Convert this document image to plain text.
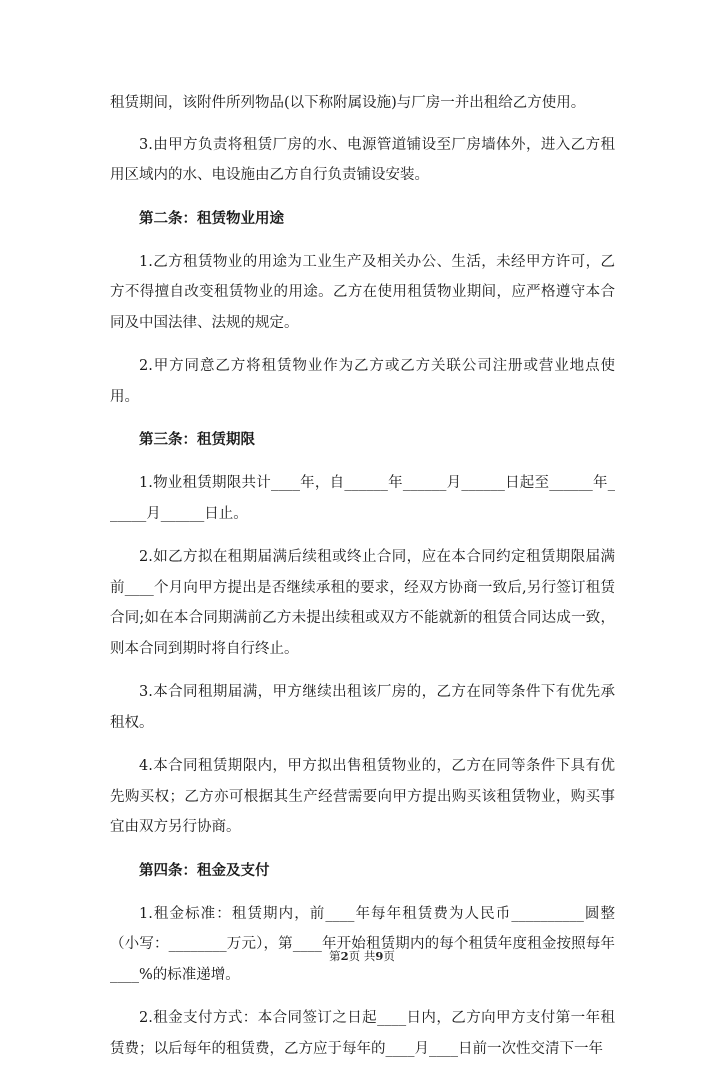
租赁期间，该附件所列物品(以下称附属设施)与厂房一并出租给乙方使用。

3.由甲方负责将租赁厂房的水、电源管道铺设至厂房墙体外，进入乙方租用区域内的水、电设施由乙方自行负责铺设安装。

第二条：租赁物业用途

1.乙方租赁物业的用途为工业生产及相关办公、生活，未经甲方许可，乙方不得擅自改变租赁物业的用途。乙方在使用租赁物业期间，应严格遵守本合同及中国法律、法规的规定。

2.甲方同意乙方将租赁物业作为乙方或乙方关联公司注册或营业地点使用。

第三条：租赁期限

1.物业租赁期限共计____年，自______年______月______日起至______年______月______日止。

2.如乙方拟在租期届满后续租或终止合同，应在本合同约定租赁期限届满前____个月向甲方提出是否继续承租的要求，经双方协商一致后,另行签订租赁合同;如在本合同期满前乙方未提出续租或双方不能就新的租赁合同达成一致，则本合同到期时将自行终止。

3.本合同租期届满，甲方继续出租该厂房的，乙方在同等条件下有优先承租权。

4.本合同租赁期限内，甲方拟出售租赁物业的，乙方在同等条件下具有优先购买权；乙方亦可根据其生产经营需要向甲方提出购买该租赁物业，购买事宜由双方另行协商。

第四条：租金及支付

1.租金标准：租赁期内，前____年每年租赁费为人民币__________圆整（小写：________万元），第____年开始租赁期内的每个租赁年度租金按照每年____%的标准递增。

2.租金支付方式：本合同签订之日起____日内，乙方向甲方支付第一年租赁费；以后每年的租赁费，乙方应于每年的____月____日前一次性交清下一年

第2页 共9页
